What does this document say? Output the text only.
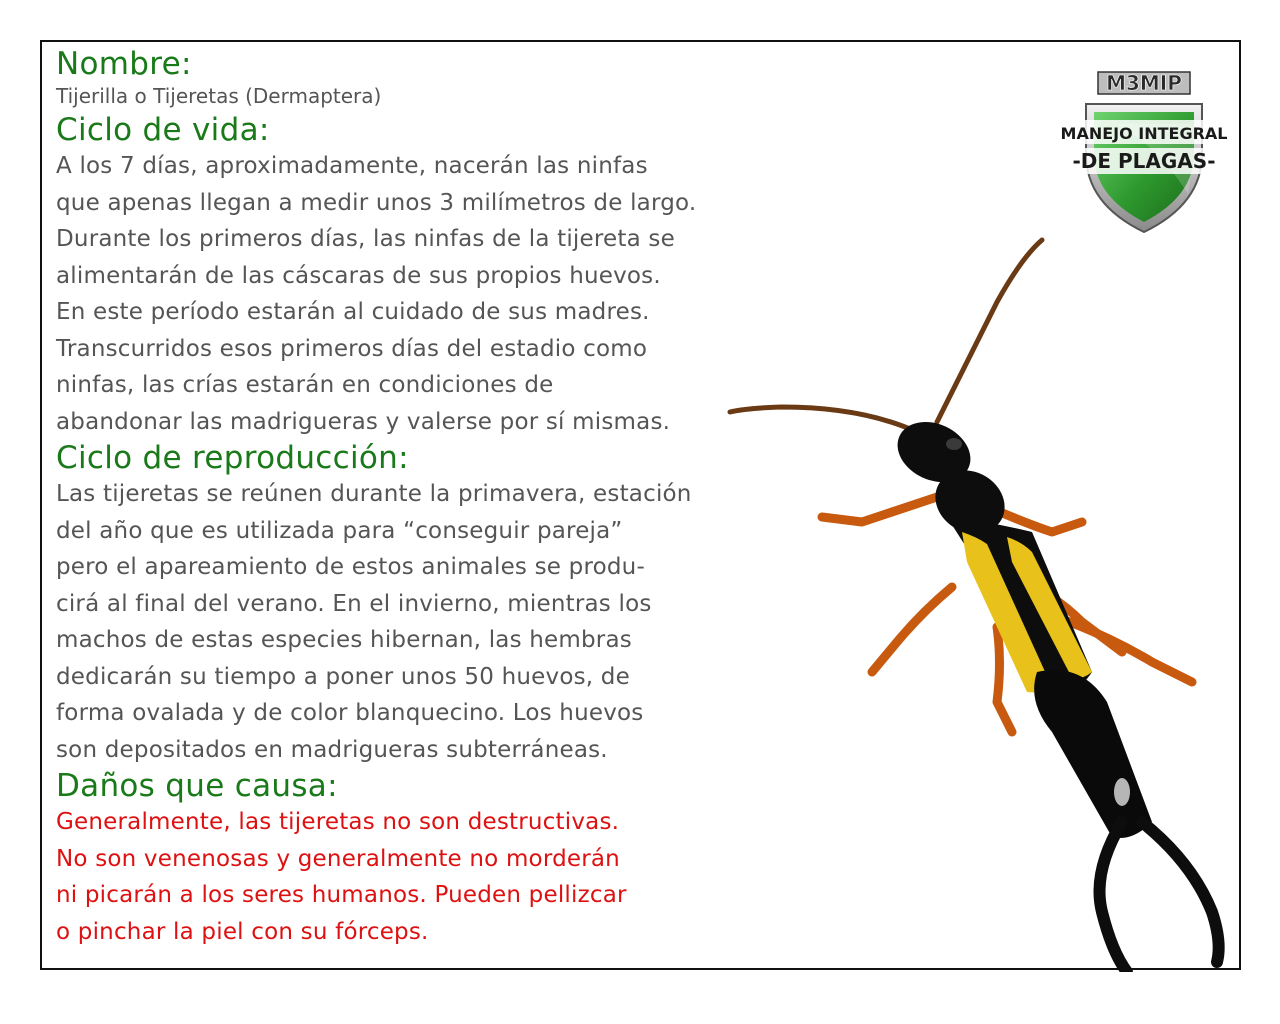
Nombre:
Tijerilla o Tijeretas (Dermaptera)
Ciclo de vida:

A los 7 días, aproximadamente, nacerán las ninfas

que apenas llegan a medir unos 3 milímetros de largo.

Durante los primeros días, las ninfas de la tijereta se

alimentarán de las cáscaras de sus propios huevos.

En este período estarán al cuidado de sus madres.

Transcurridos esos primeros días del estadio como

ninfas, las crías estarán en condiciones de

abandonar las madrigueras y valerse por sí mismas.

Ciclo de reproducción:

Las tijeretas se reúnen durante la primavera, estación

del año que es utilizada para “conseguir pareja”

pero el apareamiento de estos animales se produ-

cirá al final del verano. En el invierno, mientras los

machos de estas especies hibernan, las hembras

dedicarán su tiempo a poner unos 50 huevos, de

forma ovalada y de color blanquecino. Los huevos

son depositados en madrigueras subterráneas.

Daños que causa:

Generalmente, las tijeretas no son destructivas.

No son venenosas y generalmente no morderán

ni picarán a los seres humanos. Pueden pellizcar

o pinchar la piel con su fórceps.

M3MIP
MANEJO INTEGRAL
-DE PLAGAS-
